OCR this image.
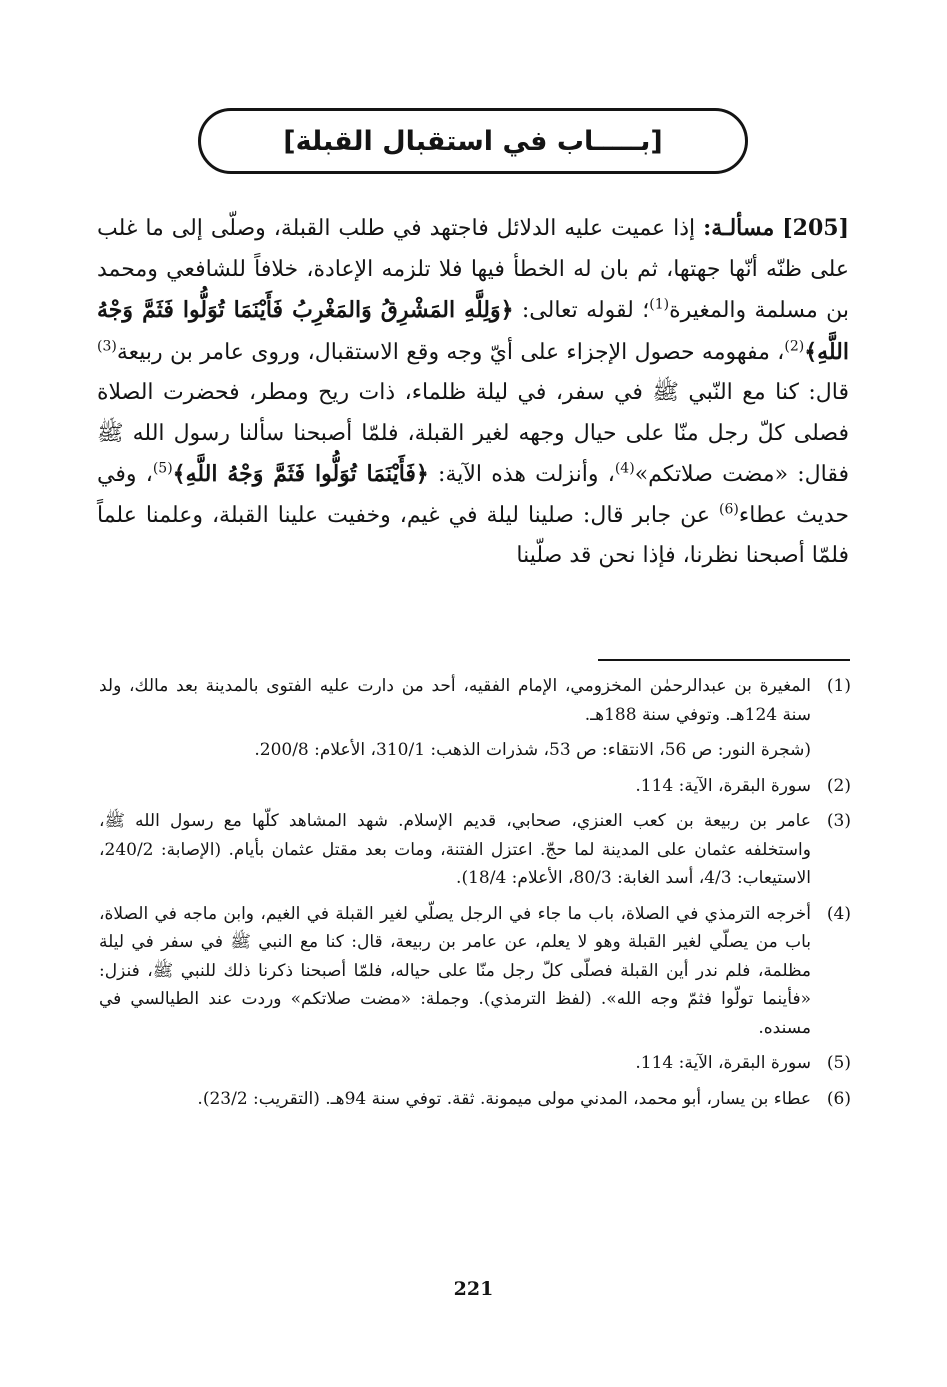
[بـــــاب في استقبال القبلة]

[205] مسألـة: إذا عميت عليه الدلائل فاجتهد في طلب القبلة، وصلّى إلى ما غلب على ظنّه أنّها جهتها، ثم بان له الخطأ فيها فلا تلزمه الإعادة، خلافاً للشافعي ومحمد بن مسلمة والمغيرة$^{(1)}$؛ لقوله تعالى: ﴿وَلِلَّهِ المَشْرِقُ وَالمَغْرِبُ فَأَيْنَمَا تُوَلُّوا فَثَمَّ وَجْهُ اللَّهِ﴾$^{(2)}$، مفهومه حصول الإجزاء على أيّ وجه وقع الاستقبال، وروى عامر بن ربيعة$^{(3)}$ قال: كنا مع النّبي ﷺ في سفر، في ليلة ظلماء، ذات ريح ومطر، فحضرت الصلاة فصلى كلّ رجل منّا على حيال وجهه لغير القبلة، فلمّا أصبحنا سألنا رسول الله ﷺ فقال: «مضت صلاتكم»$^{(4)}$، وأنزلت هذه الآية: ﴿فَأَيْنَمَا تُوَلُّوا فَثَمَّ وَجْهُ اللَّهِ﴾$^{(5)}$، وفي حديث عطاء$^{(6)}$ عن جابر قال: صلينا ليلة في غيم، وخفيت علينا القبلة، وعلمنا علماً فلمّا أصبحنا نظرنا، فإذا نحن قد صلّينا

(1)
المغيرة بن عبدالرحمٰن المخزومي، الإمام الفقيه، أحد من دارت عليه الفتوى بالمدينة بعد مالك، ولد سنة 124هـ. وتوفي سنة 188هـ.
(شجرة النور: ص 56، الانتقاء: ص 53، شذرات الذهب: 310/1، الأعلام: 200/8.
(2)
سورة البقرة، الآية: 114.
(3)
عامر بن ربيعة بن كعب العنزي، صحابي، قديم الإسلام. شهد المشاهد كلّها مع رسول الله ﷺ، واستخلفه عثمان على المدينة لما حجّ. اعتزل الفتنة، ومات بعد مقتل عثمان بأيام. (الإصابة: 240/2، الاستيعاب: 4/3، أسد الغابة: 80/3، الأعلام: 18/4).
(4)
أخرجه الترمذي في الصلاة، باب ما جاء في الرجل يصلّي لغير القبلة في الغيم، وابن ماجه في الصلاة، باب من يصلّي لغير القبلة وهو لا يعلم، عن عامر بن ربيعة، قال: كنا مع النبي ﷺ في سفر في ليلة مظلمة، فلم ندر أين القبلة فصلّى كلّ رجل منّا على حياله، فلمّا أصبحنا ذكرنا ذلك للنبي ﷺ، فنزل: «فأينما تولّوا فثمّ وجه الله». (لفظ الترمذي). وجملة: «مضت صلاتكم» وردت عند الطيالسي في مسنده.
(5)
سورة البقرة، الآية: 114.
(6)
عطاء بن يسار، أبو محمد، المدني مولى ميمونة. ثقة. توفي سنة 94هـ. (التقريب: 23/2).
221
